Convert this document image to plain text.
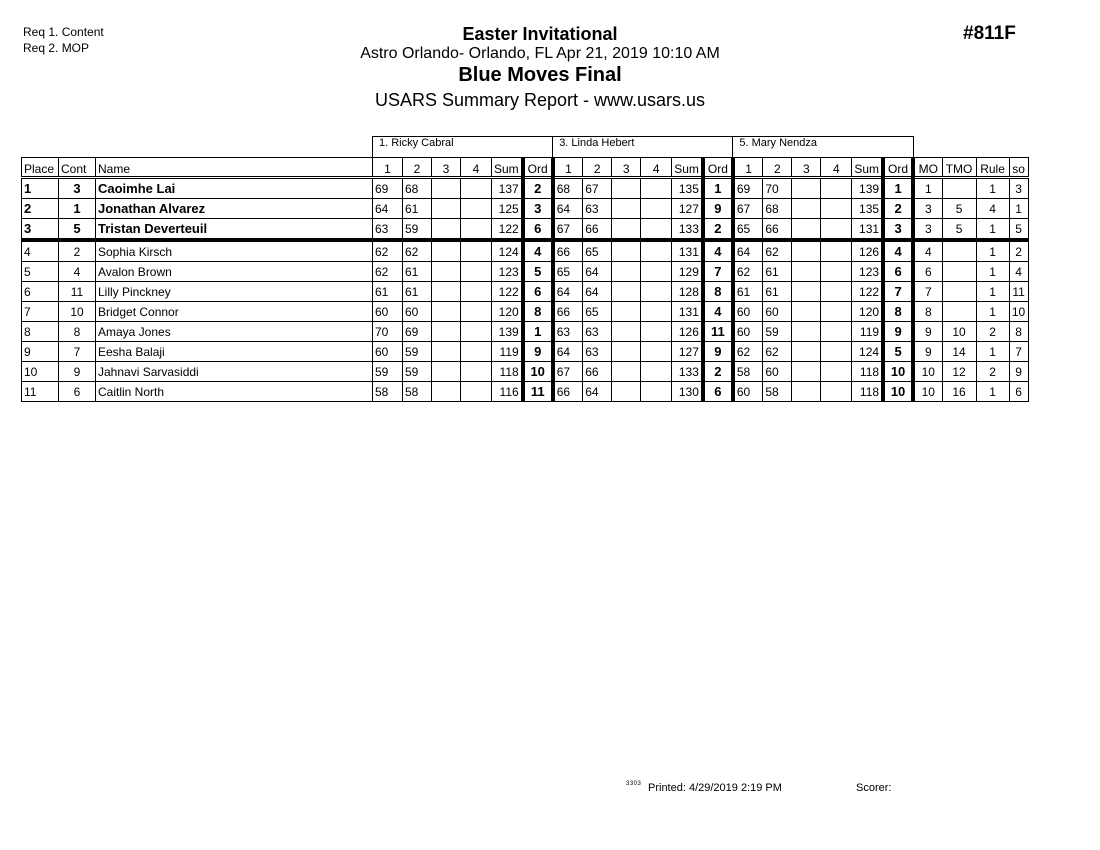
Req 1. Content
Req 2. MOP
Easter Invitational
Astro Orlando- Orlando, FL Apr 21, 2019 10:10 AM
Blue Moves Final
USARS Summary Report - www.usars.us
#811F
			1. Ricky Cabral						3. Linda Hebert						5. Mary Nendza									
Place	Cont	Name	1	2	3	4	Sum	Ord	1	2	3	4	Sum	Ord	1	2	3	4	Sum	Ord	MO	TMO	Rule	so
1	3	Caoimhe Lai	69	68			137	2	68	67			135	1	69	70			139	1	1		1	3
2	1	Jonathan Alvarez	64	61			125	3	64	63			127	9	67	68			135	2	3	5	4	1
3	5	Tristan Deverteuil	63	59			122	6	67	66			133	2	65	66			131	3	3	5	1	5
4	2	Sophia Kirsch	62	62			124	4	66	65			131	4	64	62			126	4	4		1	2
5	4	Avalon Brown	62	61			123	5	65	64			129	7	62	61			123	6	6		1	4
6	11	Lilly Pinckney	61	61			122	6	64	64			128	8	61	61			122	7	7		1	11
7	10	Bridget Connor	60	60			120	8	66	65			131	4	60	60			120	8	8		1	10
8	8	Amaya Jones	70	69			139	1	63	63			126	11	60	59			119	9	9	10	2	8
9	7	Eesha Balaji	60	59			119	9	64	63			127	9	62	62			124	5	9	14	1	7
10	9	Jahnavi Sarvasiddi	59	59			118	10	67	66			133	2	58	60			118	10	10	12	2	9
11	6	Caitlin North	58	58			116	11	66	64			130	6	60	58			118	10	10	16	1	6
3303 Printed: 4/29/2019 2:19 PM	Scorer:
